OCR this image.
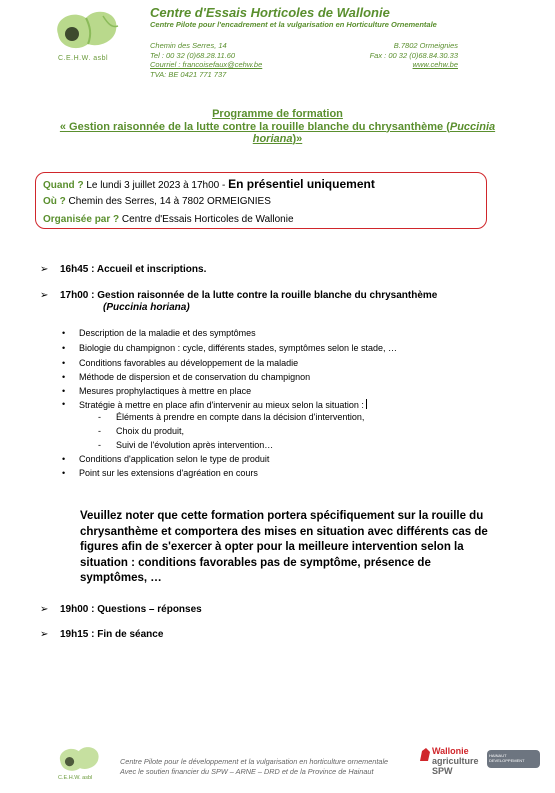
C.E.H.W. asbl
Centre d'Essais Horticoles de Wallonie
Centre Pilote pour l'encadrement et la vulgarisation en Horticulture Ornementale
Chemin des Serres, 14
Tel : 00 32 (0)68.28.11.60
Courriel : francoisefaux@cehw.be
TVA: BE 0421 771 737
B.7802 Ormeignies
Fax : 00 32 (0)68.84.30.33
www.cehw.be
Programme de formation
« Gestion raisonnée de la lutte contre la rouille blanche du chrysanthème (Puccinia
horiana)»
Quand ? Le lundi 3 juillet 2023 à 17h00 - En présentiel uniquement
Où ? Chemin des Serres, 14 à 7802 ORMEIGNIES
Organisée par ? Centre d'Essais Horticoles de Wallonie
➢ 16h45 : Accueil et inscriptions.
➢ 17h00 : Gestion raisonnée de la lutte contre la rouille blanche du chrysanthème
(Puccinia horiana)
• Description de la maladie et des symptômes
• Biologie du champignon : cycle, différents stades, symptômes selon le stade, …
• Conditions favorables au développement de la maladie
• Méthode de dispersion et de conservation du champignon
• Mesures prophylactiques à mettre en place
• Stratégie à mettre en place afin d'intervenir au mieux selon la situation :
- Éléments à prendre en compte dans la décision d'intervention,
- Choix du produit,
- Suivi de l'évolution après intervention…
• Conditions d'application selon le type de produit
• Point sur les extensions d'agréation en cours
Veuillez noter que cette formation portera spécifiquement sur la rouille du chrysanthème et comportera des mises en situation avec différents cas de figures afin de s'exercer à opter pour la meilleure intervention selon la situation : conditions favorables pas de symptôme, présence de symptômes, …
➢ 19h00 : Questions – réponses
➢ 19h15 : Fin de séance
C.E.H.W. asbl
Centre Pilote pour le développement et la vulgarisation en horticulture ornementale
Avec le soutien financier du SPW – ARNE – DRD et de la Province de Hainaut
Wallonie
agriculture
SPW
HAINAUT DEVELOPPEMENT
